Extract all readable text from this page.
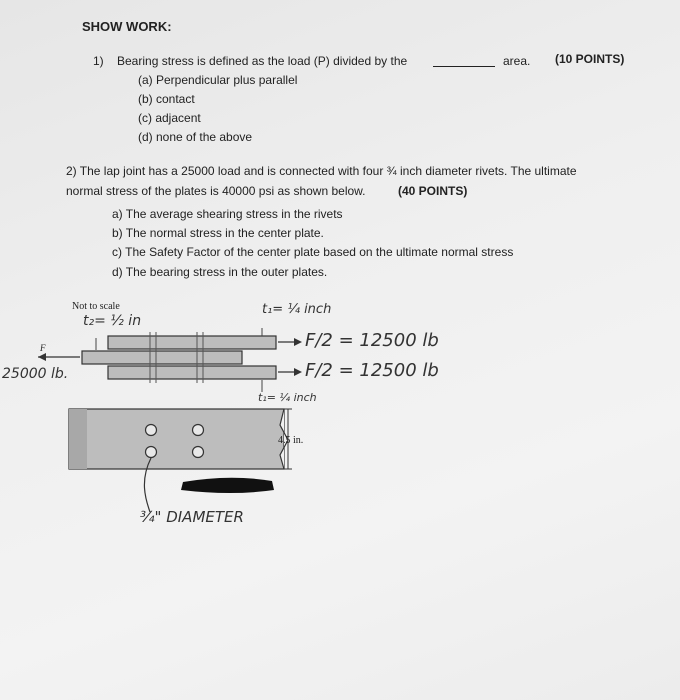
SHOW WORK:
1) Bearing stress is defined as the load (P) divided by the	area. (10 POINTS)
(a) Perpendicular plus parallel
(b) contact
(c) adjacent
(d) none of the above
2) The lap joint has a 25000 load and is connected with four ¾ inch diameter rivets. The ultimate
normal stress of the plates is 40000 psi as shown below.	(40 POINTS)
a) The average shearing stress in the rivets
b) The normal stress in the center plate.
c) The Safety Factor of the center plate based on the ultimate normal stress
d) The bearing stress in the outer plates.
Not to scale
F
4.5 in.
t₂= ½ in
t₁= ¼ inch
F/2 = 12500 lb
F/2 = 12500 lb
25000 lb.
t₁= ¼ inch
¾" DIAMETER
